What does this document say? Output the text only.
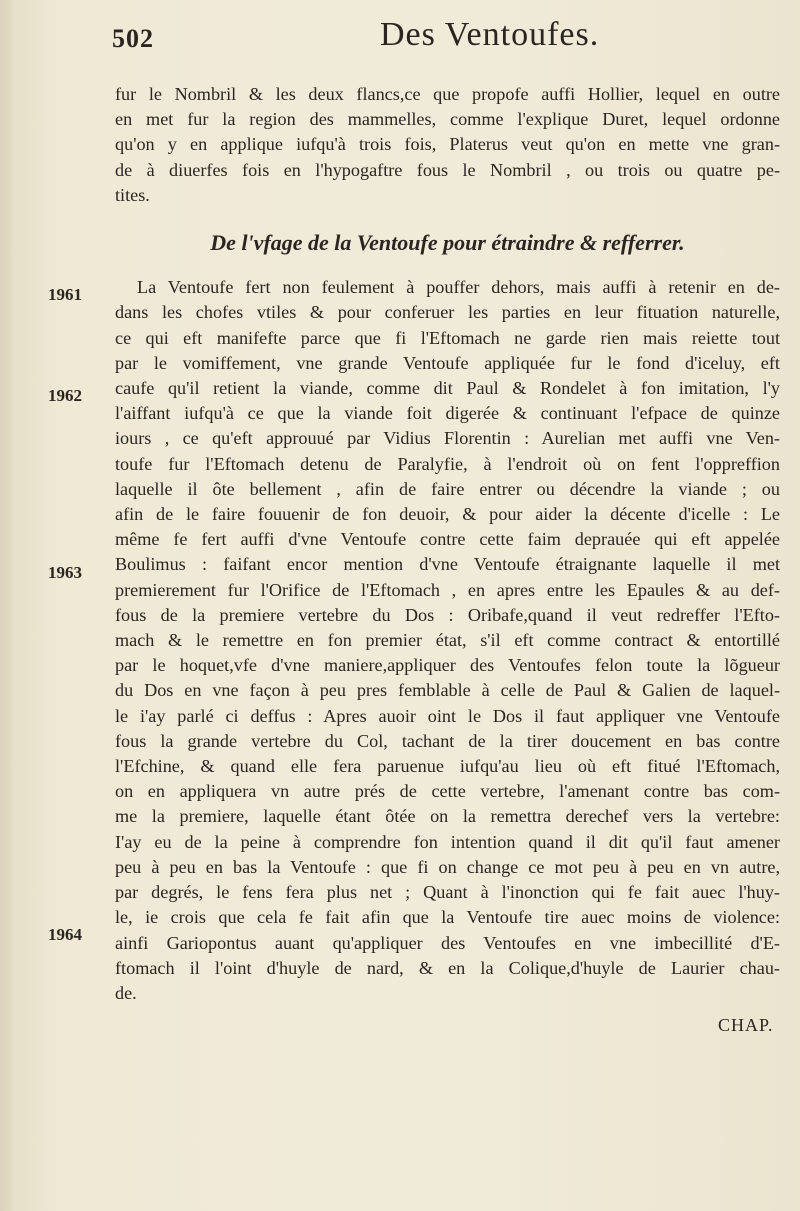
502	Des Ventoufes.
fur le Nombril & les deux flancs,ce que propofe auffi Hollier, lequel en outre
en met fur la region des mammelles, comme l'explique Duret, lequel ordonne
qu'on y en applique iufqu'à trois fois, Platerus veut qu'on en mette vne gran-
de à diuerfes fois en l'hypogaftre fous le Nombril , ou trois ou quatre pe-
tites.
De l'vfage de la Ventoufe pour étraindre & refferrer.
La Ventoufe fert non feulement à pouffer dehors, mais auffi à retenir en de-
dans les chofes vtiles & pour conferuer les parties en leur fituation naturelle,
ce qui eft manifefte parce que fi l'Eftomach ne garde rien mais reiette tout
par le vomiffement, vne grande Ventoufe appliquée fur le fond d'iceluy, eft
caufe qu'il retient la viande, comme dit Paul & Rondelet à fon imitation, l'y
l'aiffant iufqu'à ce que la viande foit digerée & continuant l'efpace de quinze
iours , ce qu'eft approuué par Vidius Florentin : Aurelian met auffi vne Ven-
toufe fur l'Eftomach detenu de Paralyfie, à l'endroit où on fent l'oppreffion
laquelle il ôte bellement , afin de faire entrer ou décendre la viande ; ou
afin de le faire fouuenir de fon deuoir, & pour aider la décente d'icelle : Le
même fe fert auffi d'vne Ventoufe contre cette faim deprauée qui eft appelée
Boulimus : faifant encor mention d'vne Ventoufe étraignante laquelle il met
premierement fur l'Orifice de l'Eftomach , en apres entre les Epaules & au def-
fous de la premiere vertebre du Dos : Oribafe,quand il veut redreffer l'Efto-
mach & le remettre en fon premier état, s'il eft comme contract & entortillé
par le hoquet,vfe d'vne maniere,appliquer des Ventoufes felon toute la lõgueur
du Dos en vne façon à peu pres femblable à celle de Paul & Galien de laquel-
le i'ay parlé ci deffus : Apres auoir oint le Dos il faut appliquer vne Ventoufe
fous la grande vertebre du Col, tachant de la tirer doucement en bas contre
l'Efchine, & quand elle fera paruenue iufqu'au lieu où eft fitué l'Eftomach,
on en appliquera vn autre prés de cette vertebre, l'amenant contre bas com-
me la premiere, laquelle étant ôtée on la remettra derechef vers la vertebre:
I'ay eu de la peine à comprendre fon intention quand il dit qu'il faut amener
peu à peu en bas la Ventoufe : que fi on change ce mot peu à peu en vn autre,
par degrés, le fens fera plus net ; Quant à l'inonction qui fe fait auec l'huy-
le, ie crois que cela fe fait afin que la Ventoufe tire auec moins de violence:
ainfi Gariopontus auant qu'appliquer des Ventoufes en vne imbecillité d'E-
ftomach il l'oint d'huyle de nard, & en la Colique,d'huyle de Laurier chau-
de.
1961
1962
1963
1964
CHAP.
